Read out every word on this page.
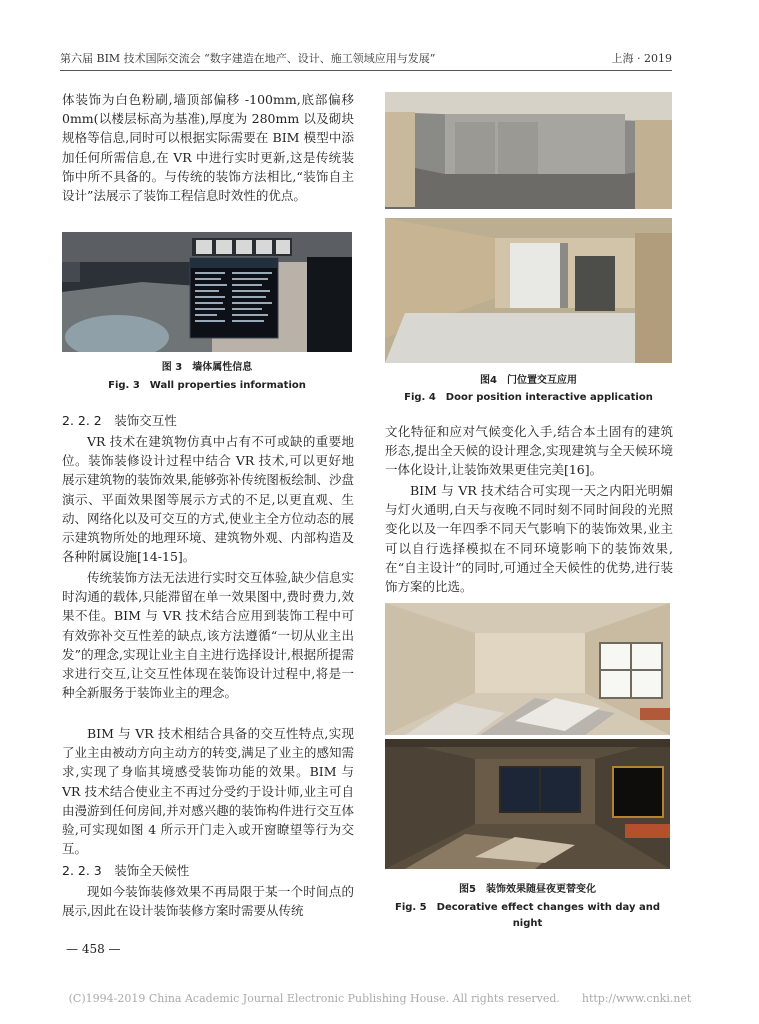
第六届 BIM 技术国际交流会 “数字建造在地产、设计、施工领域应用与发展”	上海 · 2019

体装饰为白色粉刷,墙顶部偏移 -100mm,底部偏移0mm(以楼层标高为基准),厚度为 280mm 以及砌块规格等信息,同时可以根据实际需要在 BIM 模型中添加任何所需信息,在 VR 中进行实时更新,这是传统装饰中所不具备的。与传统的装饰方法相比,“装饰自主设计”法展示了装饰工程信息时效性的优点。

图 3　墙体属性信息
Fig. 3　Wall properties information
2. 2. 2　装饰交互性

VR 技术在建筑物仿真中占有不可或缺的重要地位。装饰装修设计过程中结合 VR 技术,可以更好地展示建筑物的装饰效果,能够弥补传统图板绘制、沙盘演示、平面效果图等展示方式的不足,以更直观、生动、网络化以及可交互的方式,使业主全方位动态的展示建筑物所处的地理环境、建筑物外观、内部构造及各种附属设施[14-15]。

传统装饰方法无法进行实时交互体验,缺少信息实时沟通的载体,只能滞留在单一效果图中,费时费力,效果不佳。BIM 与 VR 技术结合应用到装饰工程中可有效弥补交互性差的缺点,该方法遵循“一切从业主出发”的理念,实现让业主自主进行选择设计,根据所提需求进行交互,让交互性体现在装饰设计过程中,将是一种全新服务于装饰业主的理念。

BIM 与 VR 技术相结合具备的交互性特点,实现了业主由被动方向主动方的转变,满足了业主的感知需求,实现了身临其境感受装饰功能的效果。BIM 与 VR 技术结合使业主不再过分受约于设计师,业主可自由漫游到任何房间,并对感兴趣的装饰构件进行交互体验,可实现如图 4 所示开门走入或开窗瞭望等行为交互。

2. 2. 3　装饰全天候性

现如今装饰装修效果不再局限于某一个时间点的展示,因此在设计装饰装修方案时需要从传统

图4　门位置交互应用
Fig. 4　Door position interactive application

文化特征和应对气候变化入手,结合本土固有的建筑形态,提出全天候的设计理念,实现建筑与全天候环境一体化设计,让装饰效果更佳完美[16]。

BIM 与 VR 技术结合可实现一天之内阳光明媚与灯火通明,白天与夜晚不同时刻不同时间段的光照变化以及一年四季不同天气影响下的装饰效果,业主可以自行选择模拟在不同环境影响下的装饰效果,在“自主设计”的同时,可通过全天候性的优势,进行装饰方案的比选。

图5　装饰效果随昼夜更替变化
Fig. 5　Decorative effect changes with day and night
— 458 —
(C)1994-2019 China Academic Journal Electronic Publishing House. All rights reserved.　　http://www.cnki.net
